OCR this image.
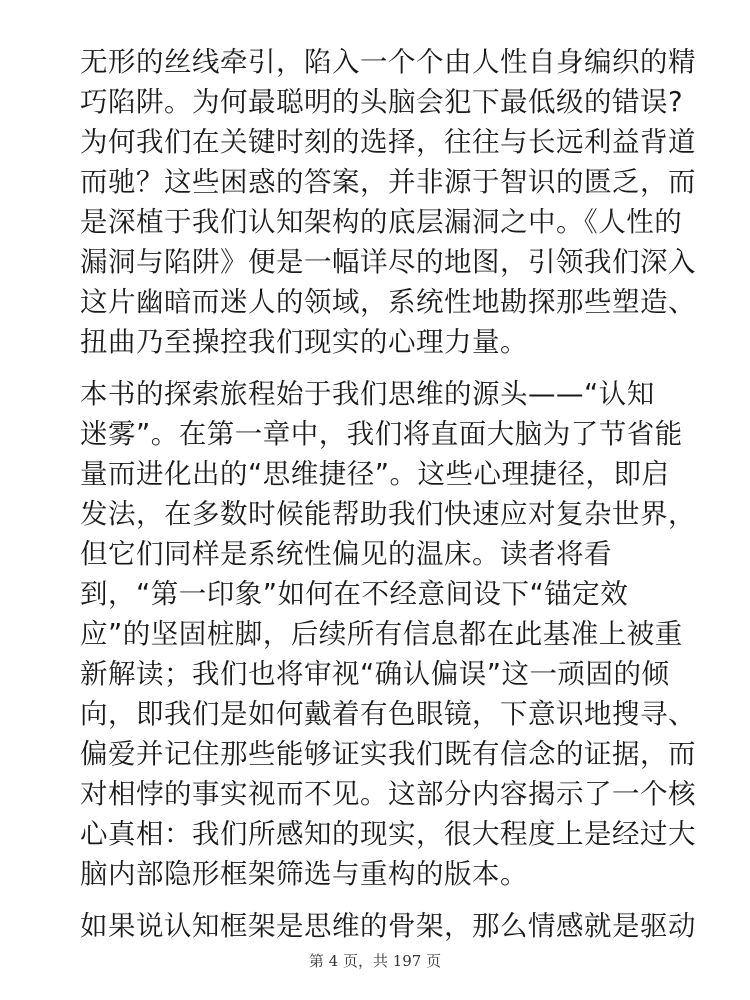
无形的丝线牵引，陷入一个个由人性自身编织的精
巧陷阱。为何最聪明的头脑会犯下最低级的错误?
为何我们在关键时刻的选择，往往与长远利益背道
而驰？这些困惑的答案，并非源于智识的匮乏，而
是深植于我们认知架构的底层漏洞之中。《人性的
漏洞与陷阱》便是一幅详尽的地图，引领我们深入
这片幽暗而迷人的领域，系统性地勘探那些塑造、
扭曲乃至操控我们现实的心理力量。
本书的探索旅程始于我们思维的源头——“认知
迷雾”。在第一章中，我们将直面大脑为了节省能
量而进化出的“思维捷径”。这些心理捷径，即启
发法，在多数时候能帮助我们快速应对复杂世界，
但它们同样是系统性偏见的温床。读者将看
到，“第一印象”如何在不经意间设下“锚定效
应”的坚固桩脚，后续所有信息都在此基准上被重
新解读；我们也将审视“确认偏误”这一顽固的倾
向，即我们是如何戴着有色眼镜，下意识地搜寻、
偏爱并记住那些能够证实我们既有信念的证据，而
对相悖的事实视而不见。这部分内容揭示了一个核
心真相：我们所感知的现实，很大程度上是经过大
脑内部隐形框架筛选与重构的版本。
如果说认知框架是思维的骨架，那么情感就是驱动
第 4 页，共 197 页
